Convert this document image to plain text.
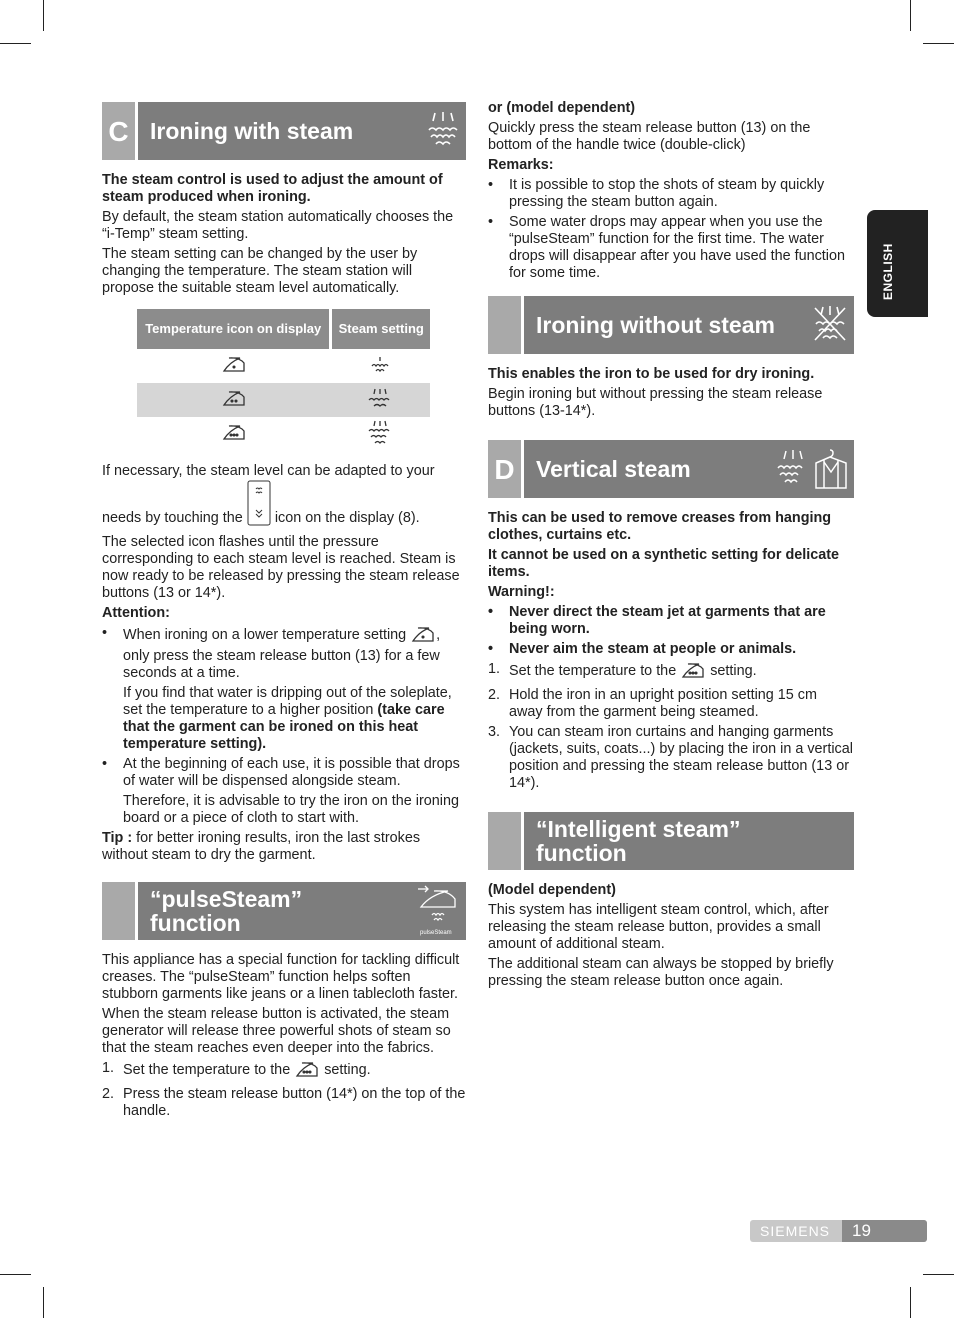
C Ironing with steam

The steam control is used to adjust the amount of steam produced when ironing.

By default, the steam station automatically chooses the “i-Temp” steam setting.

The steam setting can be changed by the user by changing the temperature. The steam station will propose the suitable steam level automatically.

Temperature icon on display	Steam setting

If necessary, the steam level can be adapted to your needs by touching the icon on the display (8).

The selected icon flashes until the pressure corresponding to each steam level is reached. Steam is now ready to be released by pressing the steam release buttons (13 or 14*).

Attention:

• When ironing on a lower temperature setting , only press the steam release button (13) for a few seconds at a time.
If you find that water is dripping out of the soleplate, set the temperature to a higher position (take care that the garment can be ironed on this heat temperature setting).
• At the beginning of each use, it is possible that drops of water will be dispensed alongside steam.
Therefore, it is advisable to try the iron on the ironing board or a piece of cloth to start with.

Tip : for better ironing results, iron the last strokes without steam to dry the garment.

“pulseSteam” function	pulseSteam

This appliance has a special function for tackling difficult creases. The “pulseSteam” function helps soften stubborn garments like jeans or a linen tablecloth faster.

When the steam release button is activated, the steam generator will release three powerful shots of steam so that the steam reaches even deeper into the fabrics.

1. Set the temperature to the setting.
2. Press the steam release button (14*) on the top of the handle.

or (model dependent)

Quickly press the steam release button (13) on the bottom of the handle twice (double-click)

Remarks:

• It is possible to stop the shots of steam by quickly pressing the steam button again.
• Some water drops may appear when you use the “pulseSteam” function for the first time. The water drops will disappear after you have used the function for some time.
Ironing without steam

This enables the iron to be used for dry ironing.

Begin ironing but without pressing the steam release buttons (13-14*).

D Vertical steam

This can be used to remove creases from hanging clothes, curtains etc.

It cannot be used on a synthetic setting for delicate items.

Warning!:

• Never direct the steam jet at garments that are being worn.
• Never aim the steam at people or animals.
1. Set the temperature to the setting.
2. Hold the iron in an upright position setting 15 cm away from the garment being steamed.
3. You can steam iron curtains and hanging garments (jackets, suits, coats...) by placing the iron in a vertical position and pressing the steam release button (13 or 14*).
“Intelligent steam” function

(Model dependent)

This system has intelligent steam control, which, after releasing the steam release button, provides a small amount of additional steam.

The additional steam can always be stopped by briefly pressing the steam release button once again.

ENGLISH
SIEMENS 19
